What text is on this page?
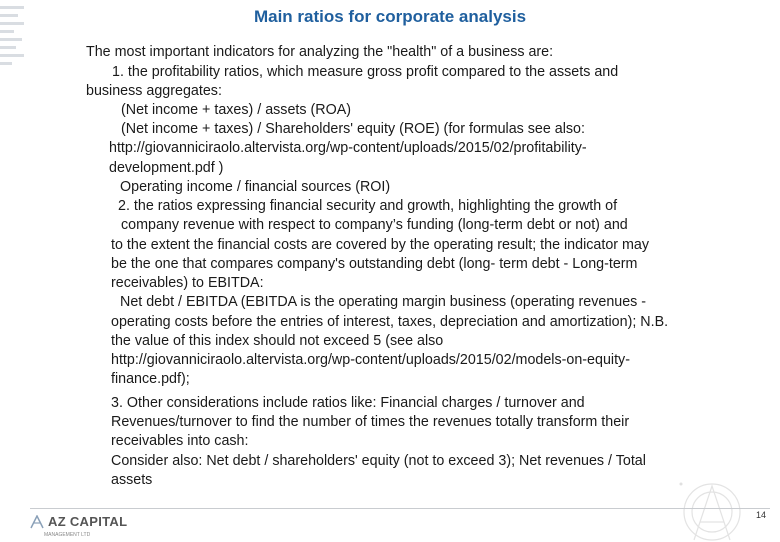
Main ratios for corporate analysis
The most important indicators for analyzing the "health" of a business are:
1. the profitability ratios, which measure gross profit compared to the assets and
business aggregates:
(Net income + taxes) / assets (ROA)
(Net income + taxes) / Shareholders' equity (ROE) (for formulas see also:
http://giovanniciraolo.altervista.org/wp-content/uploads/2015/02/profitability-
development.pdf )
Operating income / financial sources (ROI)
2. the ratios expressing financial security and growth, highlighting the growth of
company revenue with respect to company’s funding (long-term debt or not) and
to the extent the financial costs are covered by the operating result; the indicator may
be the one that compares company's outstanding debt (long- term debt - Long-term
receivables) to EBITDA:
Net debt / EBITDA (EBITDA is the operating margin business (operating revenues -
operating costs before the entries of interest, taxes, depreciation and amortization); N.B.
the value of this index should not exceed 5 (see also
http://giovanniciraolo.altervista.org/wp-content/uploads/2015/02/models-on-equity-
finance.pdf);
3. Other considerations include ratios like: Financial charges / turnover and
Revenues/turnover to find the number of times the revenues totally transform their
receivables into cash:
Consider also: Net debt / shareholders' equity (not to exceed 3); Net revenues / Total
assets
AZ CAPITAL
MANAGEMENT LTD
14
